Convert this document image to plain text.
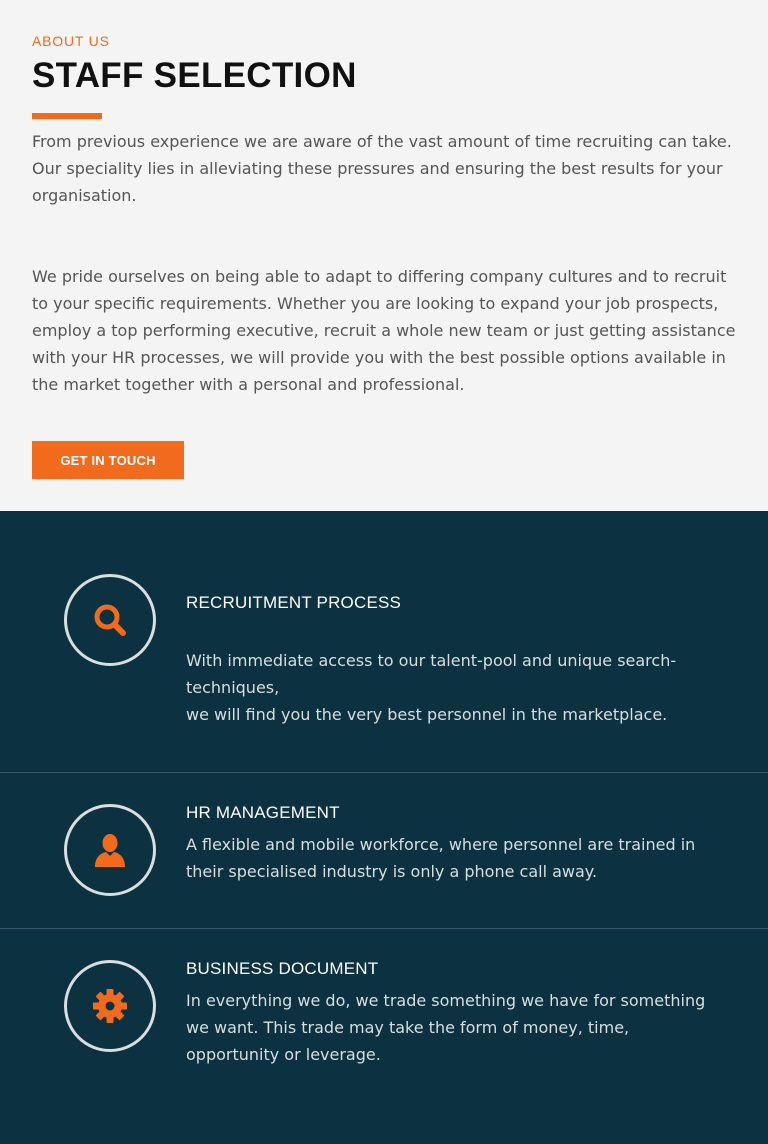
ABOUT US
STAFF SELECTION

From previous experience we are aware of the vast amount of time recruiting can take. Our speciality lies in alleviating these pressures and ensuring the best results for your organisation.

We pride ourselves on being able to adapt to differing company cultures and to recruit to your specific requirements. Whether you are looking to expand your job prospects, employ a top performing executive, recruit a whole new team or just getting assistance with your HR processes, we will provide you with the best possible options available in the market together with a personal and professional.

GET IN TOUCH
RECRUITMENT PROCESS

With immediate access to our talent-pool and unique search-techniques,
we will find you the very best personnel in the marketplace.

HR MANAGEMENT

A flexible and mobile workforce, where personnel are trained in their specialised industry is only a phone call away.

BUSINESS DOCUMENT

In everything we do, we trade something we have for something we want. This trade may take the form of money, time, opportunity or leverage.
